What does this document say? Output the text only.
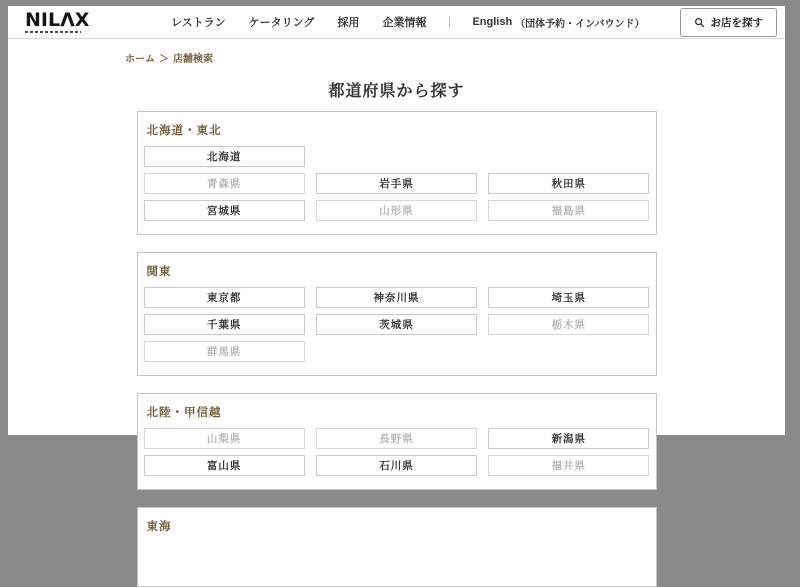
NILΛX	レストラン ケータリング 採用 企業情報 ｜ English （団体予約・インバウンド）	お店を探す
ホーム ＞ 店舗検索
都道府県から探す
北海道・東北
北海道
青森県	岩手県	秋田県
宮城県	山形県	福島県
関東
東京都	神奈川県	埼玉県
千葉県	茨城県	栃木県
群馬県
北陸・甲信越
山梨県	長野県	新潟県
富山県	石川県	福井県
東海
